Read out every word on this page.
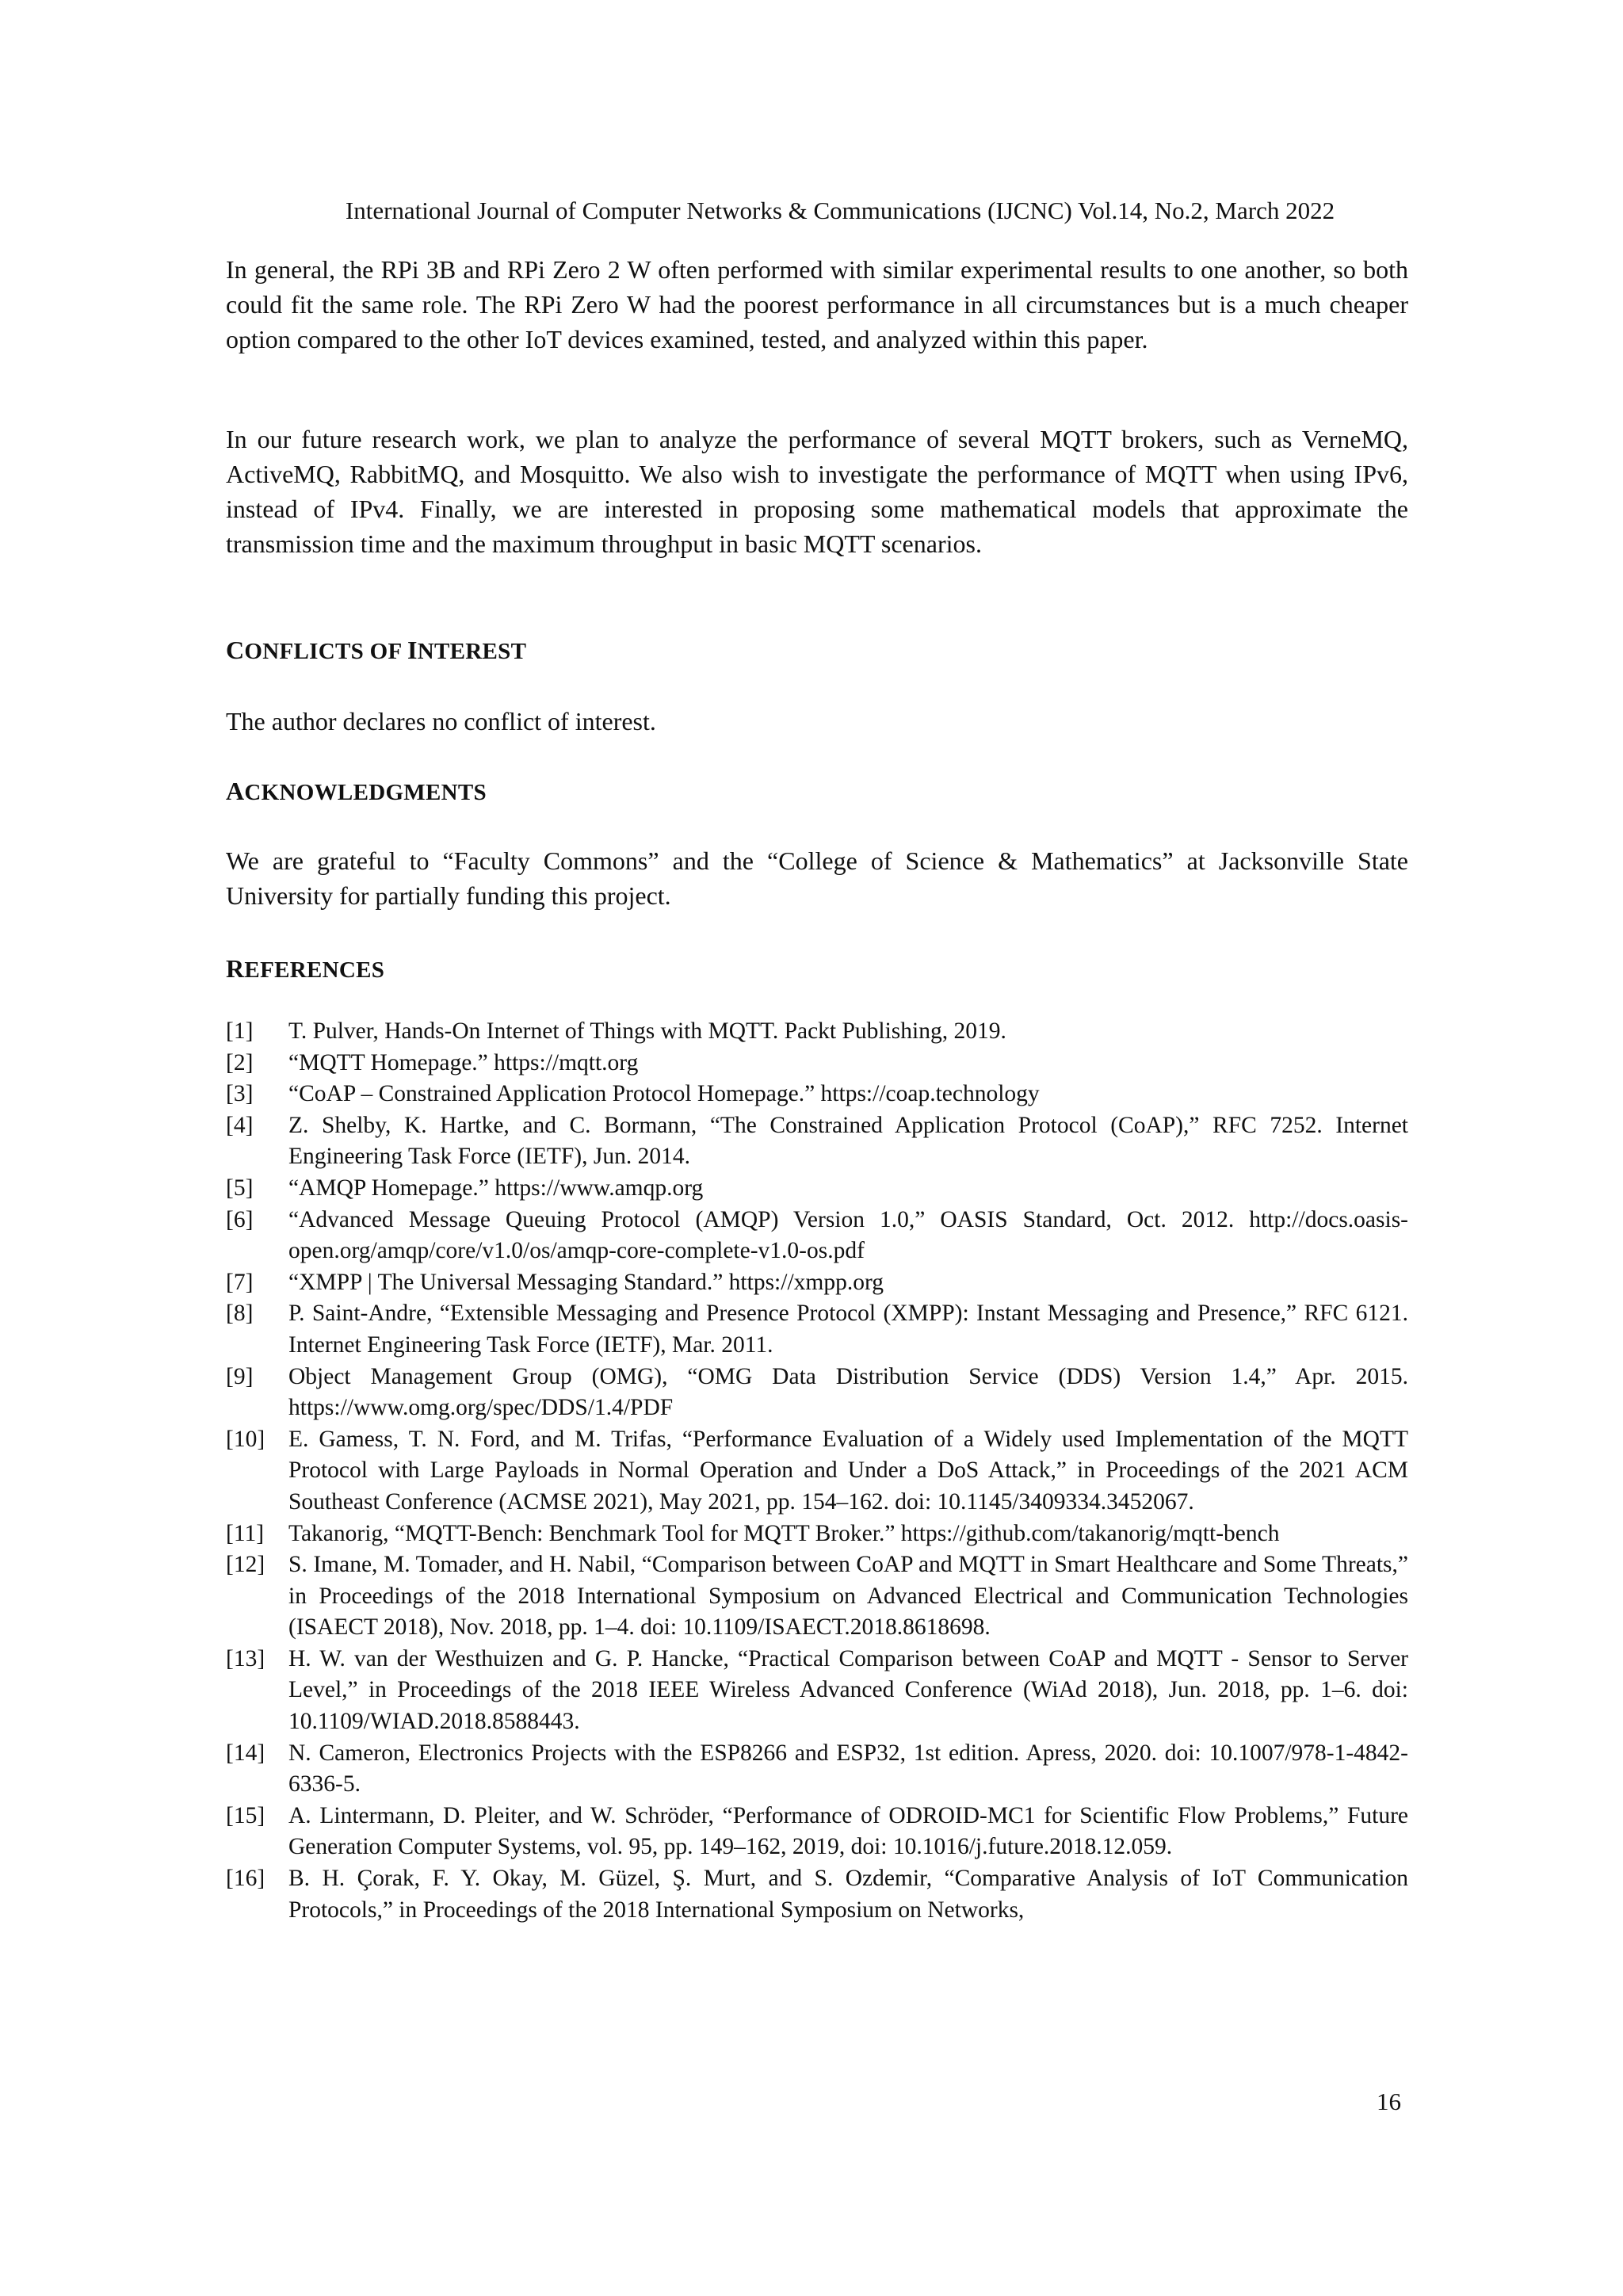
International Journal of Computer Networks & Communications (IJCNC) Vol.14, No.2, March 2022

In general, the RPi 3B and RPi Zero 2 W often performed with similar experimental results to one another, so both could fit the same role. The RPi Zero W had the poorest performance in all circumstances but is a much cheaper option compared to the other IoT devices examined, tested, and analyzed within this paper.

In our future research work, we plan to analyze the performance of several MQTT brokers, such as VerneMQ, ActiveMQ, RabbitMQ, and Mosquitto. We also wish to investigate the performance of MQTT when using IPv6, instead of IPv4. Finally, we are interested in proposing some mathematical models that approximate the transmission time and the maximum throughput in basic MQTT scenarios.

CONFLICTS OF INTEREST

The author declares no conflict of interest.

ACKNOWLEDGMENTS

We are grateful to “Faculty Commons” and the “College of Science & Mathematics” at Jacksonville State University for partially funding this project.

REFERENCES
[1] T. Pulver, Hands-On Internet of Things with MQTT. Packt Publishing, 2019.
[2] “MQTT Homepage.” https://mqtt.org
[3] “CoAP – Constrained Application Protocol Homepage.” https://coap.technology
[4] Z. Shelby, K. Hartke, and C. Bormann, “The Constrained Application Protocol (CoAP),” RFC 7252. Internet Engineering Task Force (IETF), Jun. 2014.
[5] “AMQP Homepage.” https://www.amqp.org
[6] “Advanced Message Queuing Protocol (AMQP) Version 1.0,” OASIS Standard, Oct. 2012. http://docs.oasis-open.org/amqp/core/v1.0/os/amqp-core-complete-v1.0-os.pdf
[7] “XMPP | The Universal Messaging Standard.” https://xmpp.org
[8] P. Saint-Andre, “Extensible Messaging and Presence Protocol (XMPP): Instant Messaging and Presence,” RFC 6121. Internet Engineering Task Force (IETF), Mar. 2011.
[9] Object Management Group (OMG), “OMG Data Distribution Service (DDS) Version 1.4,” Apr. 2015. https://www.omg.org/spec/DDS/1.4/PDF
[10] E. Gamess, T. N. Ford, and M. Trifas, “Performance Evaluation of a Widely used Implementation of the MQTT Protocol with Large Payloads in Normal Operation and Under a DoS Attack,” in Proceedings of the 2021 ACM Southeast Conference (ACMSE 2021), May 2021, pp. 154–162. doi: 10.1145/3409334.3452067.
[11] Takanorig, “MQTT-Bench: Benchmark Tool for MQTT Broker.” https://github.com/takanorig/mqtt-bench
[12] S. Imane, M. Tomader, and H. Nabil, “Comparison between CoAP and MQTT in Smart Healthcare and Some Threats,” in Proceedings of the 2018 International Symposium on Advanced Electrical and Communication Technologies (ISAECT 2018), Nov. 2018, pp. 1–4. doi: 10.1109/ISAECT.2018.8618698.
[13] H. W. van der Westhuizen and G. P. Hancke, “Practical Comparison between CoAP and MQTT - Sensor to Server Level,” in Proceedings of the 2018 IEEE Wireless Advanced Conference (WiAd 2018), Jun. 2018, pp. 1–6. doi: 10.1109/WIAD.2018.8588443.
[14] N. Cameron, Electronics Projects with the ESP8266 and ESP32, 1st edition. Apress, 2020. doi: 10.1007/978-1-4842-6336-5.
[15] A. Lintermann, D. Pleiter, and W. Schröder, “Performance of ODROID-MC1 for Scientific Flow Problems,” Future Generation Computer Systems, vol. 95, pp. 149–162, 2019, doi: 10.1016/j.future.2018.12.059.
[16] B. H. Çorak, F. Y. Okay, M. Güzel, Ş. Murt, and S. Ozdemir, “Comparative Analysis of IoT Communication Protocols,” in Proceedings of the 2018 International Symposium on Networks,
16
